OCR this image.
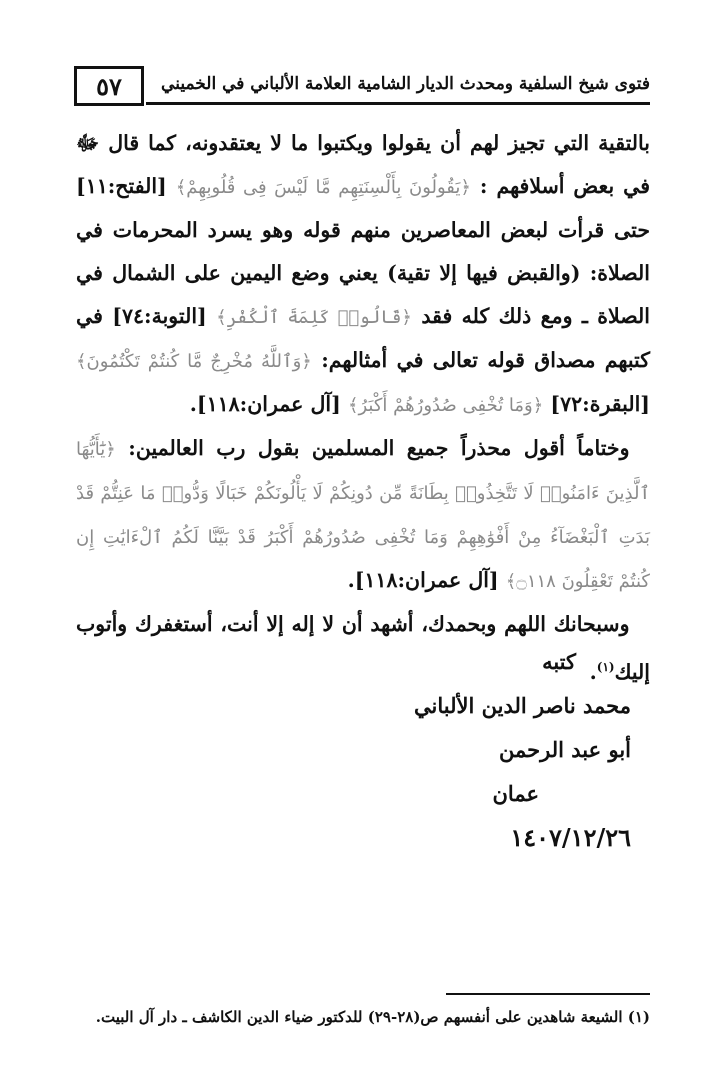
٥٧ فتوى شيخ السلفية ومحدث الديار الشامية العلامة الألباني في الخميني

بالتقية التي تجيز لهم أن يقولوا ويكتبوا ما لا يعتقدونه، كما قال ﷻ في بعض أسلافهم : ﴿يَقُولُونَ بِأَلْسِنَتِهِم مَّا لَيْسَ فِى قُلُوبِهِمْ﴾ [الفتح:١١] حتى قرأت لبعض المعاصرين منهم قوله وهو يسرد المحرمات في الصلاة: (والقبض فيها إلا تقية) يعني وضع اليمين على الشمال في الصلاة ـ ومع ذلك كله فقد ﴿قَالُوا۟ كَلِمَةَ ٱلْكُفْرِ﴾ [التوبة:٧٤] في كتبهم مصداق قوله تعالى في أمثالهم: ﴿وَٱللَّهُ مُخْرِجٌ مَّا كُنتُمْ تَكْتُمُونَ﴾ [البقرة:٧٢] ﴿وَمَا تُخْفِى صُدُورُهُمْ أَكْبَرُ﴾ [آل عمران:١١٨].

 وختاماً أقول محذراً جميع المسلمين بقول رب العالمين: ﴿يَٰٓأَيُّهَا ٱلَّذِينَ ءَامَنُوا۟ لَا تَتَّخِذُوا۟ بِطَانَةً مِّن دُونِكُمْ لَا يَأْلُونَكُمْ خَبَالًا وَدُّوا۟ مَا عَنِتُّمْ قَدْ بَدَتِ ٱلْبَغْضَآءُ مِنْ أَفْوَٰهِهِمْ وَمَا تُخْفِى صُدُورُهُمْ أَكْبَرُ قَدْ بَيَّنَّا لَكُمُ ٱلْءَايَٰتِ إِن كُنتُمْ تَعْقِلُونَ ۝١١٨﴾ [آل عمران:١١٨].

 وسبحانك اللهم وبحمدك، أشهد أن لا إله إلا أنت، أستغفرك وأتوب إليك$^{(١)}$.

كتبه
محمد ناصر الدين الألباني
أبو عبد الرحمن
عمان
١٤٠٧/١٢/٢٦
(١) الشيعة شاهدين على أنفسهم ص(٢٨-٢٩) للدكتور ضياء الدين الكاشف ـ دار آل البيت.
